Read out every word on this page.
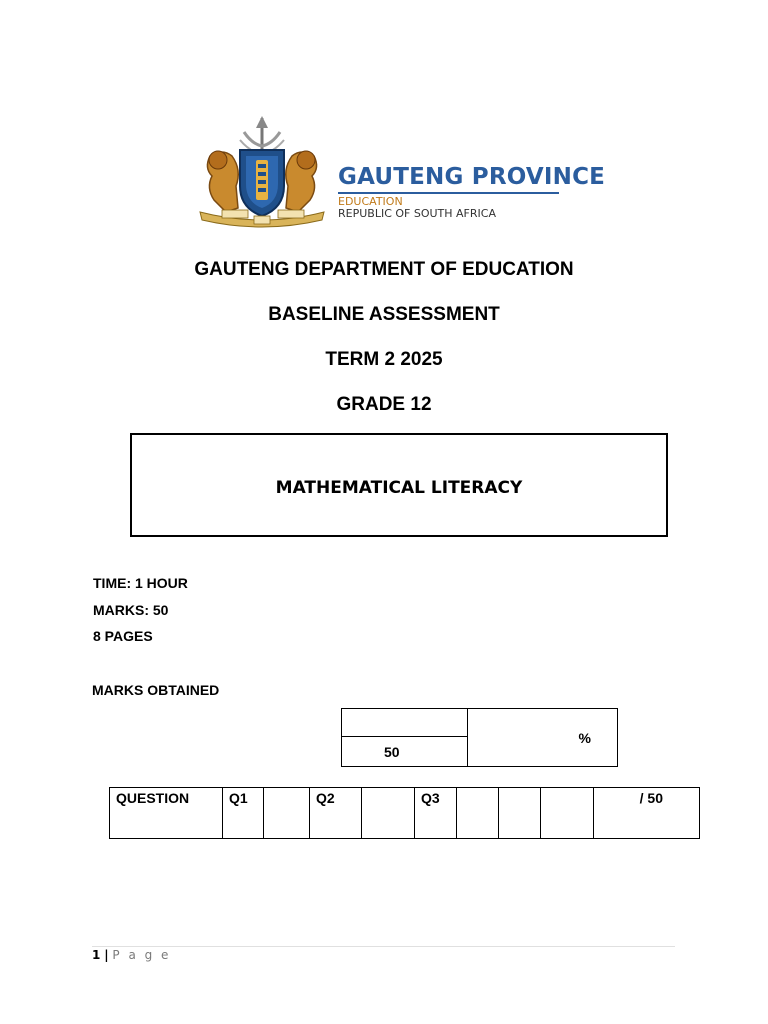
GAUTENG PROVINCE
EDUCATION
REPUBLIC OF SOUTH AFRICA
GAUTENG DEPARTMENT OF EDUCATION
BASELINE ASSESSMENT
TERM 2 2025
GRADE 12
MATHEMATICAL LITERACY
TIME: 1 HOUR
MARKS: 50
8 PAGES
MARKS OBTAINED
	%
50
QUESTION	Q1		Q2		Q3				/ 50
1 | P a g e
